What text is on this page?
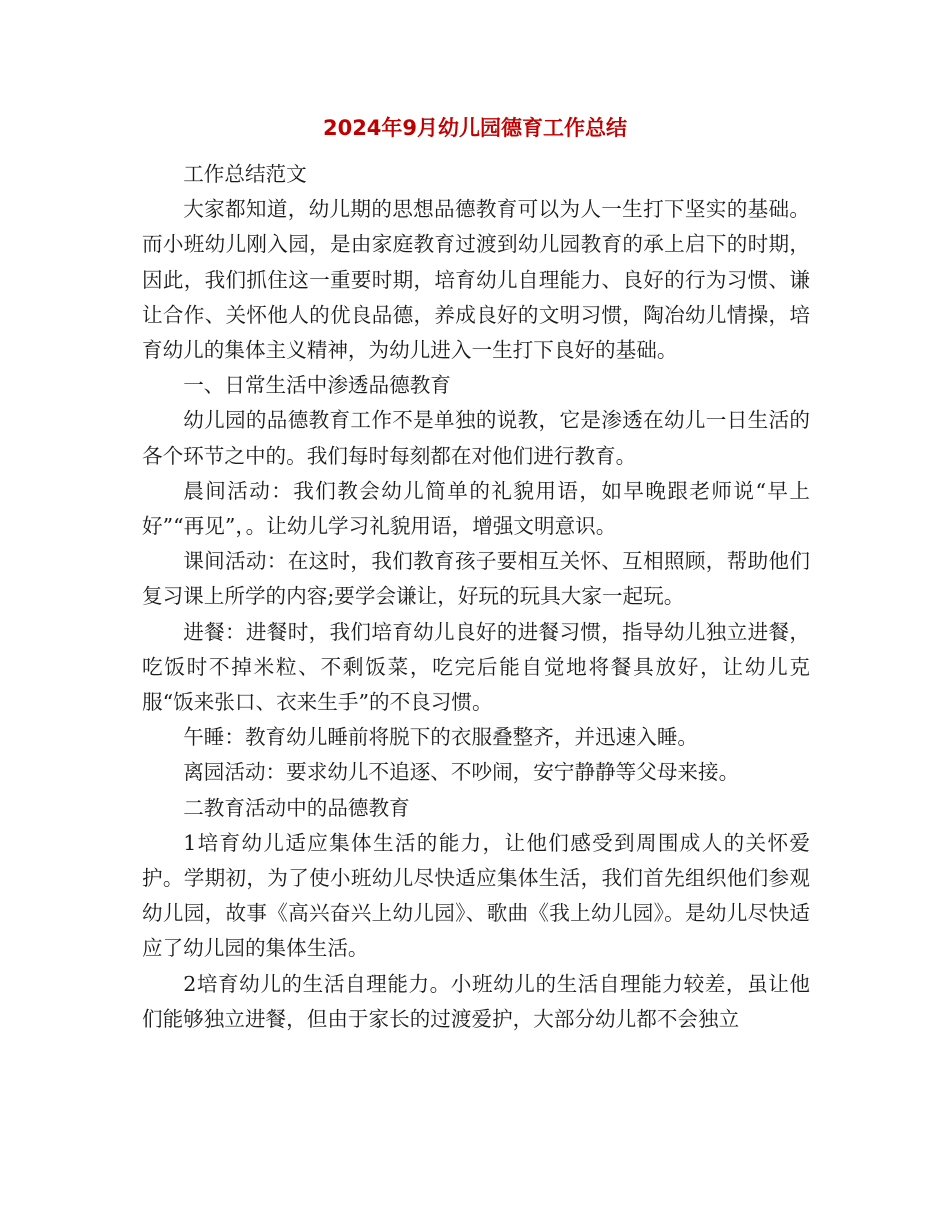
2024年9月幼儿园德育工作总结

工作总结范文

大家都知道，幼儿期的思想品德教育可以为人一生打下坚实的基础。而小班幼儿刚入园，是由家庭教育过渡到幼儿园教育的承上启下的时期，因此，我们抓住这一重要时期，培育幼儿自理能力、良好的行为习惯、谦让合作、关怀他人的优良品德，养成良好的文明习惯，陶冶幼儿情操，培育幼儿的集体主义精神，为幼儿进入一生打下良好的基础。

一、日常生活中渗透品德教育

幼儿园的品德教育工作不是单独的说教，它是渗透在幼儿一日生活的各个环节之中的。我们每时每刻都在对他们进行教育。

晨间活动：我们教会幼儿简单的礼貌用语，如早晚跟老师说“早上好”“再见”，。让幼儿学习礼貌用语，增强文明意识。

课间活动：在这时，我们教育孩子要相互关怀、互相照顾，帮助他们复习课上所学的内容;要学会谦让，好玩的玩具大家一起玩。

进餐：进餐时，我们培育幼儿良好的进餐习惯，指导幼儿独立进餐，吃饭时不掉米粒、不剩饭菜，吃完后能自觉地将餐具放好，让幼儿克服“饭来张口、衣来生手”的不良习惯。

午睡：教育幼儿睡前将脱下的衣服叠整齐，并迅速入睡。

离园活动：要求幼儿不追逐、不吵闹，安宁静静等父母来接。

二教育活动中的品德教育

1培育幼儿适应集体生活的能力，让他们感受到周围成人的关怀爱护。学期初，为了使小班幼儿尽快适应集体生活，我们首先组织他们参观幼儿园，故事《高兴奋兴上幼儿园》、歌曲《我上幼儿园》。是幼儿尽快适应了幼儿园的集体生活。

2培育幼儿的生活自理能力。小班幼儿的生活自理能力较差，虽让他们能够独立进餐，但由于家长的过渡爱护，大部分幼儿都不会独立
